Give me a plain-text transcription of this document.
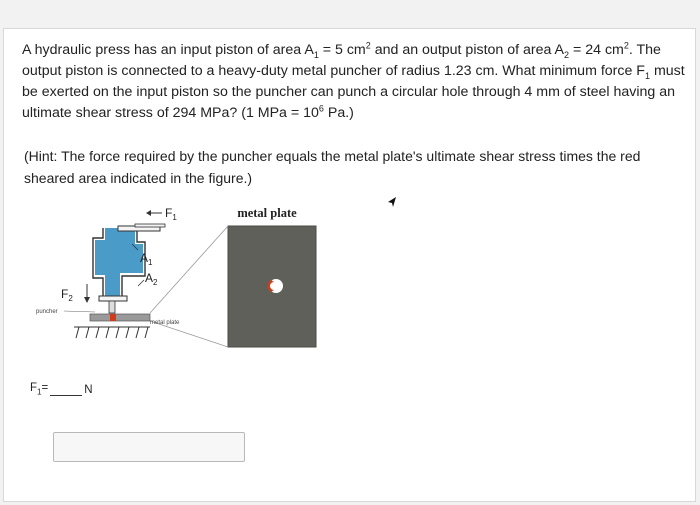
A hydraulic press has an input piston of area $A_1 = 5$ $cm^2$ and an output piston of area $A_2 = 24$ $cm^2$. The output piston is connected to a heavy-duty metal puncher of radius 1.23 cm. What minimum force $F_1$ must be exerted on the input piston so the puncher can punch a circular hole through 4 mm of steel having an ultimate shear stress of 294 MPa? (1 MPa = $10^6$ Pa.)
(Hint: The force required by the puncher equals the metal plate's ultimate shear stress times the red sheared area indicated in the figure.)
metal plate
$F_1$
$A_1$
$A_2$
$F_2$
puncher
metal plate
$F_1=$	N
